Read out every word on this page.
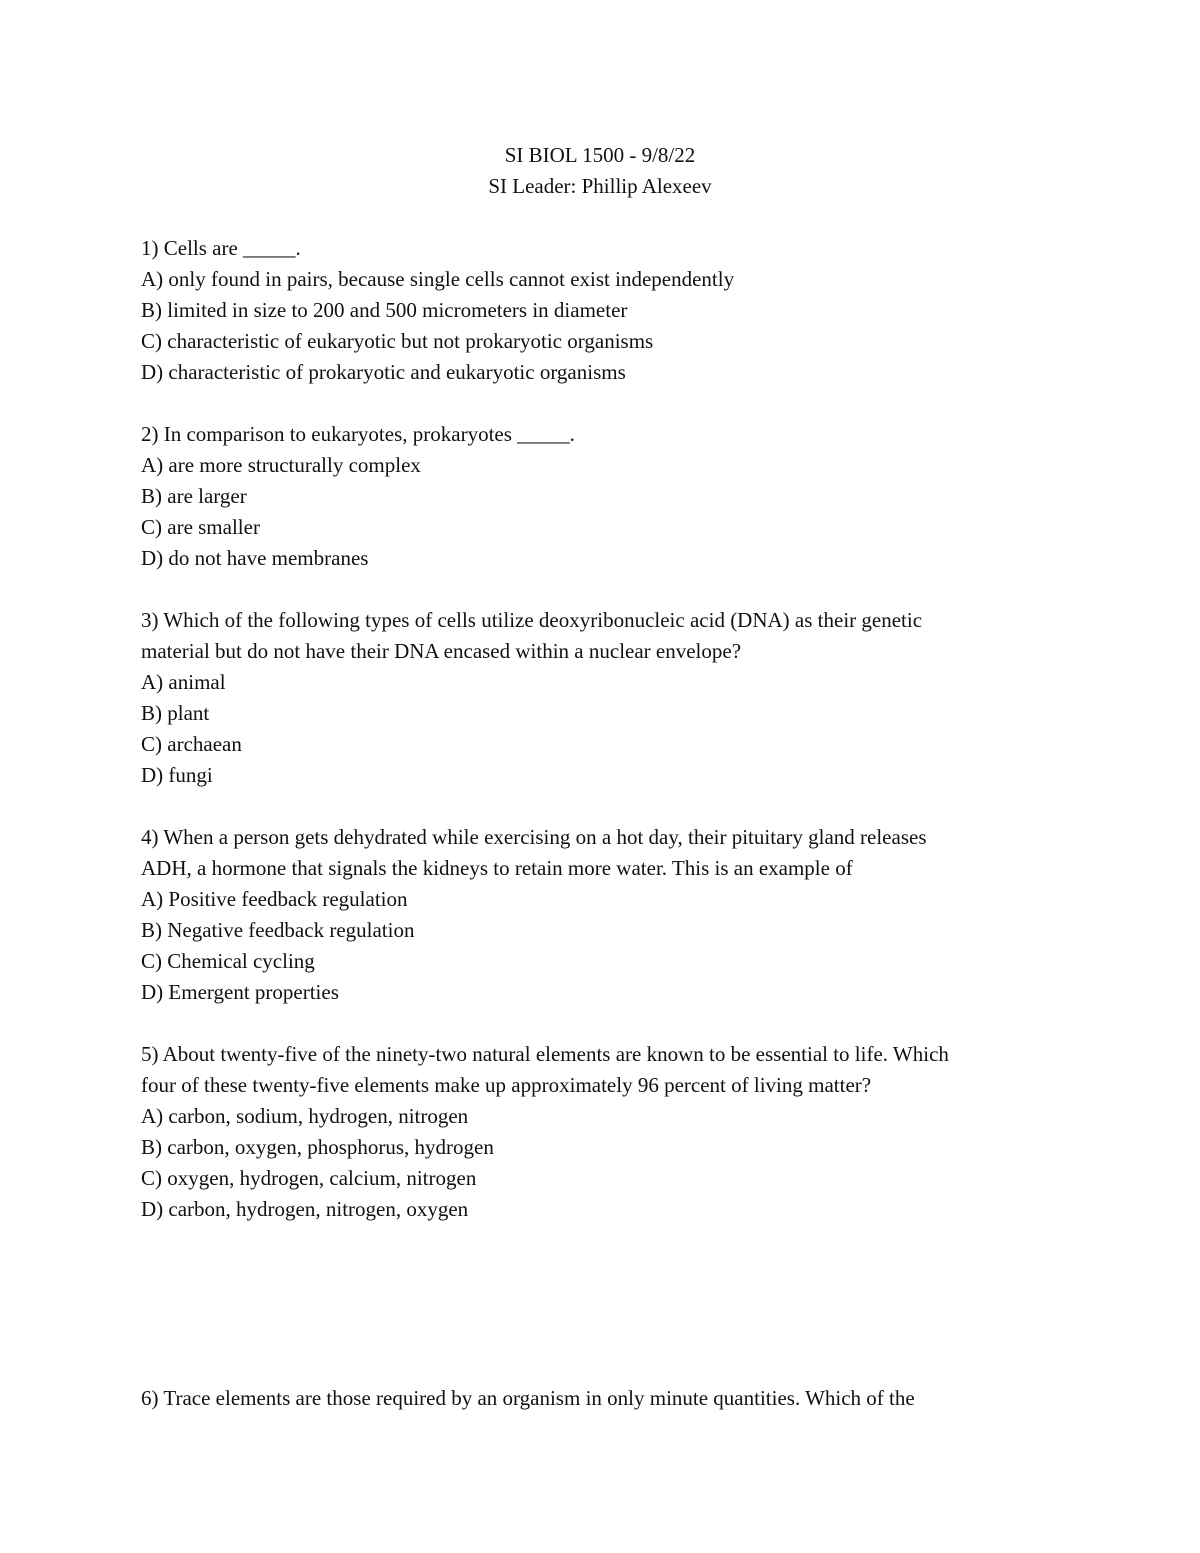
SI BIOL 1500 - 9/8/22
SI Leader: Phillip Alexeev
1) Cells are _____.
A) only found in pairs, because single cells cannot exist independently
B) limited in size to 200 and 500 micrometers in diameter
C) characteristic of eukaryotic but not prokaryotic organisms
D) characteristic of prokaryotic and eukaryotic organisms
2) In comparison to eukaryotes, prokaryotes _____.
A) are more structurally complex
B) are larger
C) are smaller
D) do not have membranes
3) Which of the following types of cells utilize deoxyribonucleic acid (DNA) as their genetic
material but do not have their DNA encased within a nuclear envelope?
A) animal
B) plant
C) archaean
D) fungi
4) When a person gets dehydrated while exercising on a hot day, their pituitary gland releases
ADH, a hormone that signals the kidneys to retain more water. This is an example of
A) Positive feedback regulation
B) Negative feedback regulation
C) Chemical cycling
D) Emergent properties
5) About twenty-five of the ninety-two natural elements are known to be essential to life. Which
four of these twenty-five elements make up approximately 96 percent of living matter?
A) carbon, sodium, hydrogen, nitrogen
B) carbon, oxygen, phosphorus, hydrogen
C) oxygen, hydrogen, calcium, nitrogen
D) carbon, hydrogen, nitrogen, oxygen
6) Trace elements are those required by an organism in only minute quantities. Which of the
